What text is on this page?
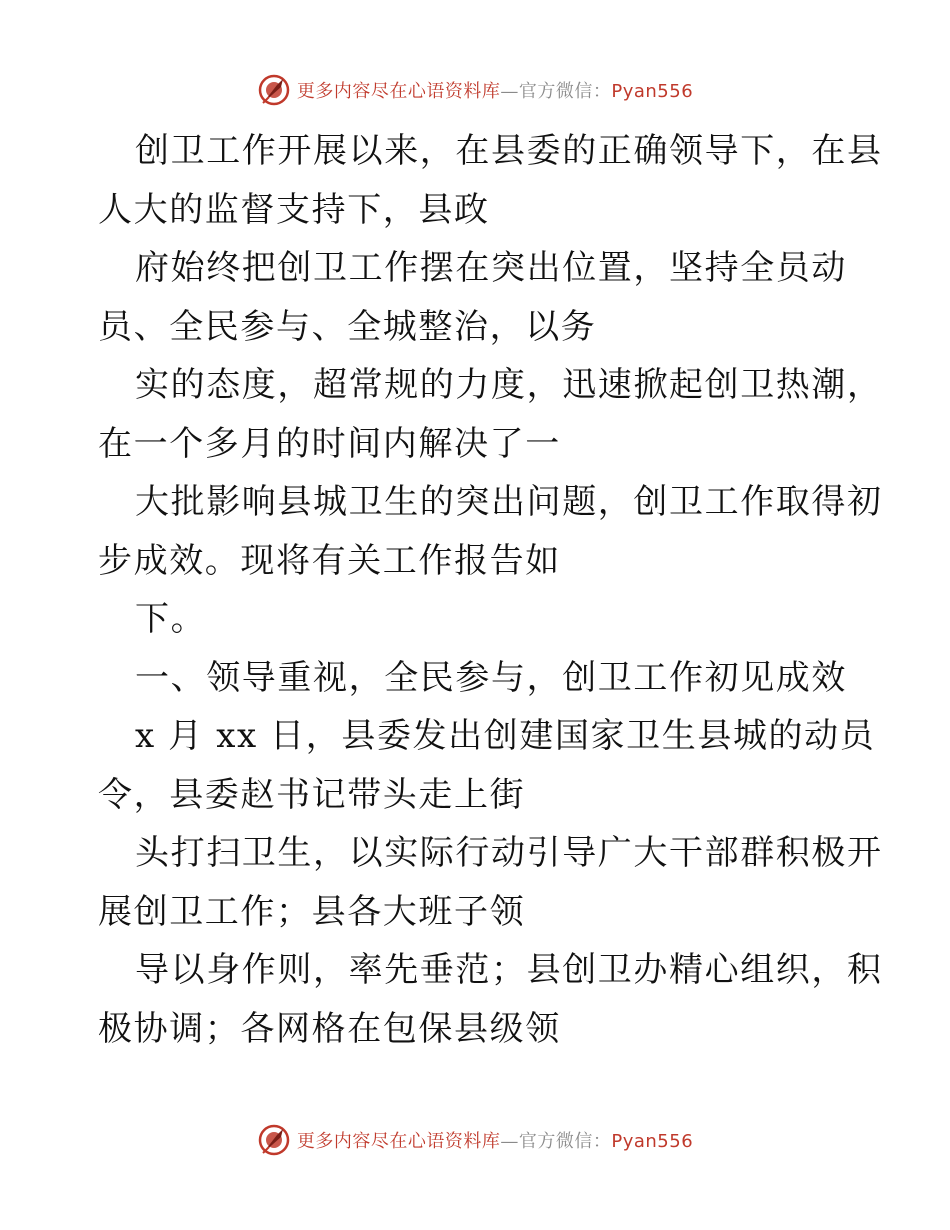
更多内容尽在心语资料库—官方微信：Pyan556
创卫工作开展以来，在县委的正确领导下，在县
人大的监督支持下，县政
府始终把创卫工作摆在突出位置，坚持全员动
员、全民参与、全城整治，以务
实的态度，超常规的力度，迅速掀起创卫热潮，
在一个多月的时间内解决了一
大批影响县城卫生的突出问题，创卫工作取得初
步成效。现将有关工作报告如
下。
一、领导重视，全民参与，创卫工作初见成效
x 月 xx 日，县委发出创建国家卫生县城的动员
令，县委赵书记带头走上街
头打扫卫生，以实际行动引导广大干部群积极开
展创卫工作；县各大班子领
导以身作则，率先垂范；县创卫办精心组织，积
极协调；各网格在包保县级领
更多内容尽在心语资料库—官方微信：Pyan556
